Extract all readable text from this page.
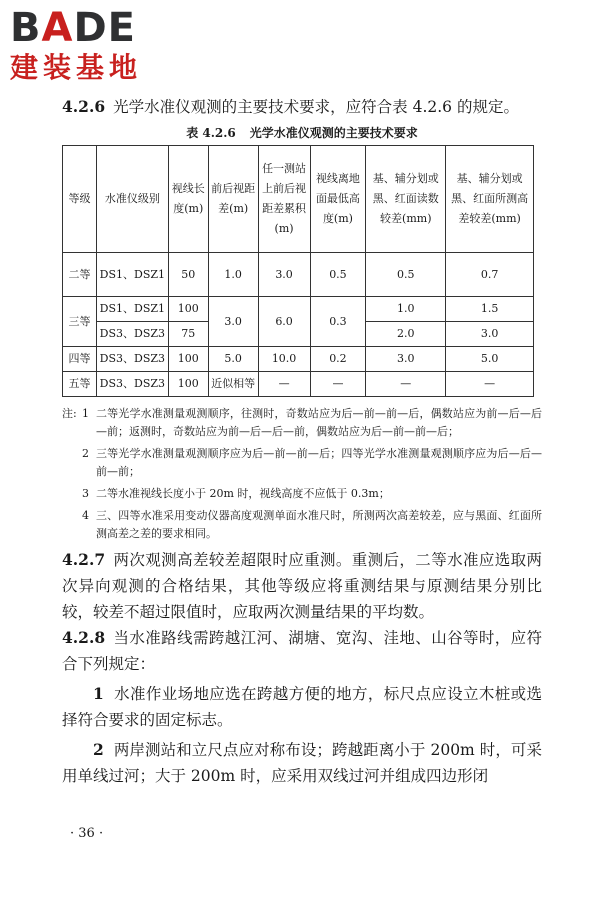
BADE
建装基地

4.2.6 光学水准仪观测的主要技术要求，应符合表 4.2.6 的规定。

表 4.2.6 光学水准仪观测的主要技术要求
等级	水准仪级别	视线长度(m)	前后视距差(m)	任一测站上前后视距差累积(m)	视线离地面最低高度(m)	基、辅分划或黑、红面读数较差(mm)	基、辅分划或黑、红面所测高差较差(mm)
二等	DS1、DSZ1	50	1.0	3.0	0.5	0.5	0.7
三等	DS1、DSZ1	100	3.0	6.0	0.3	1.0	1.5
	DS3、DSZ3	75				2.0	3.0
四等	DS3、DSZ3	100	5.0	10.0	0.2	3.0	5.0
五等	DS3、DSZ3	100	近似相等	—	—	—	—
注: 1 二等光学水准测量观测顺序，往测时，奇数站应为后—前—前—后，偶数站应为前—后—后—前；返测时，奇数站应为前—后—后—前，偶数站应为后—前—前—后；
2 三等光学水准测量观测顺序应为后—前—前—后；四等光学水准测量观测顺序应为后—后—前—前；
3 二等水准视线长度小于 20m 时，视线高度不应低于 0.3m；
4 三、四等水准采用变动仪器高度观测单面水准尺时，所测两次高差较差，应与黑面、红面所测高差之差的要求相同。

4.2.7 两次观测高差较差超限时应重测。重测后，二等水准应选取两次异向观测的合格结果，其他等级应将重测结果与原测结果分别比较，较差不超过限值时，应取两次测量结果的平均数。

4.2.8 当水准路线需跨越江河、湖塘、宽沟、洼地、山谷等时，应符合下列规定：

1 水准作业场地应选在跨越方便的地方，标尺点应设立木桩或选择符合要求的固定标志。

2 两岸测站和立尺点应对称布设；跨越距离小于 200m 时，可采用单线过河；大于 200m 时，应采用双线过河并组成四边形闭

· 36 ·
